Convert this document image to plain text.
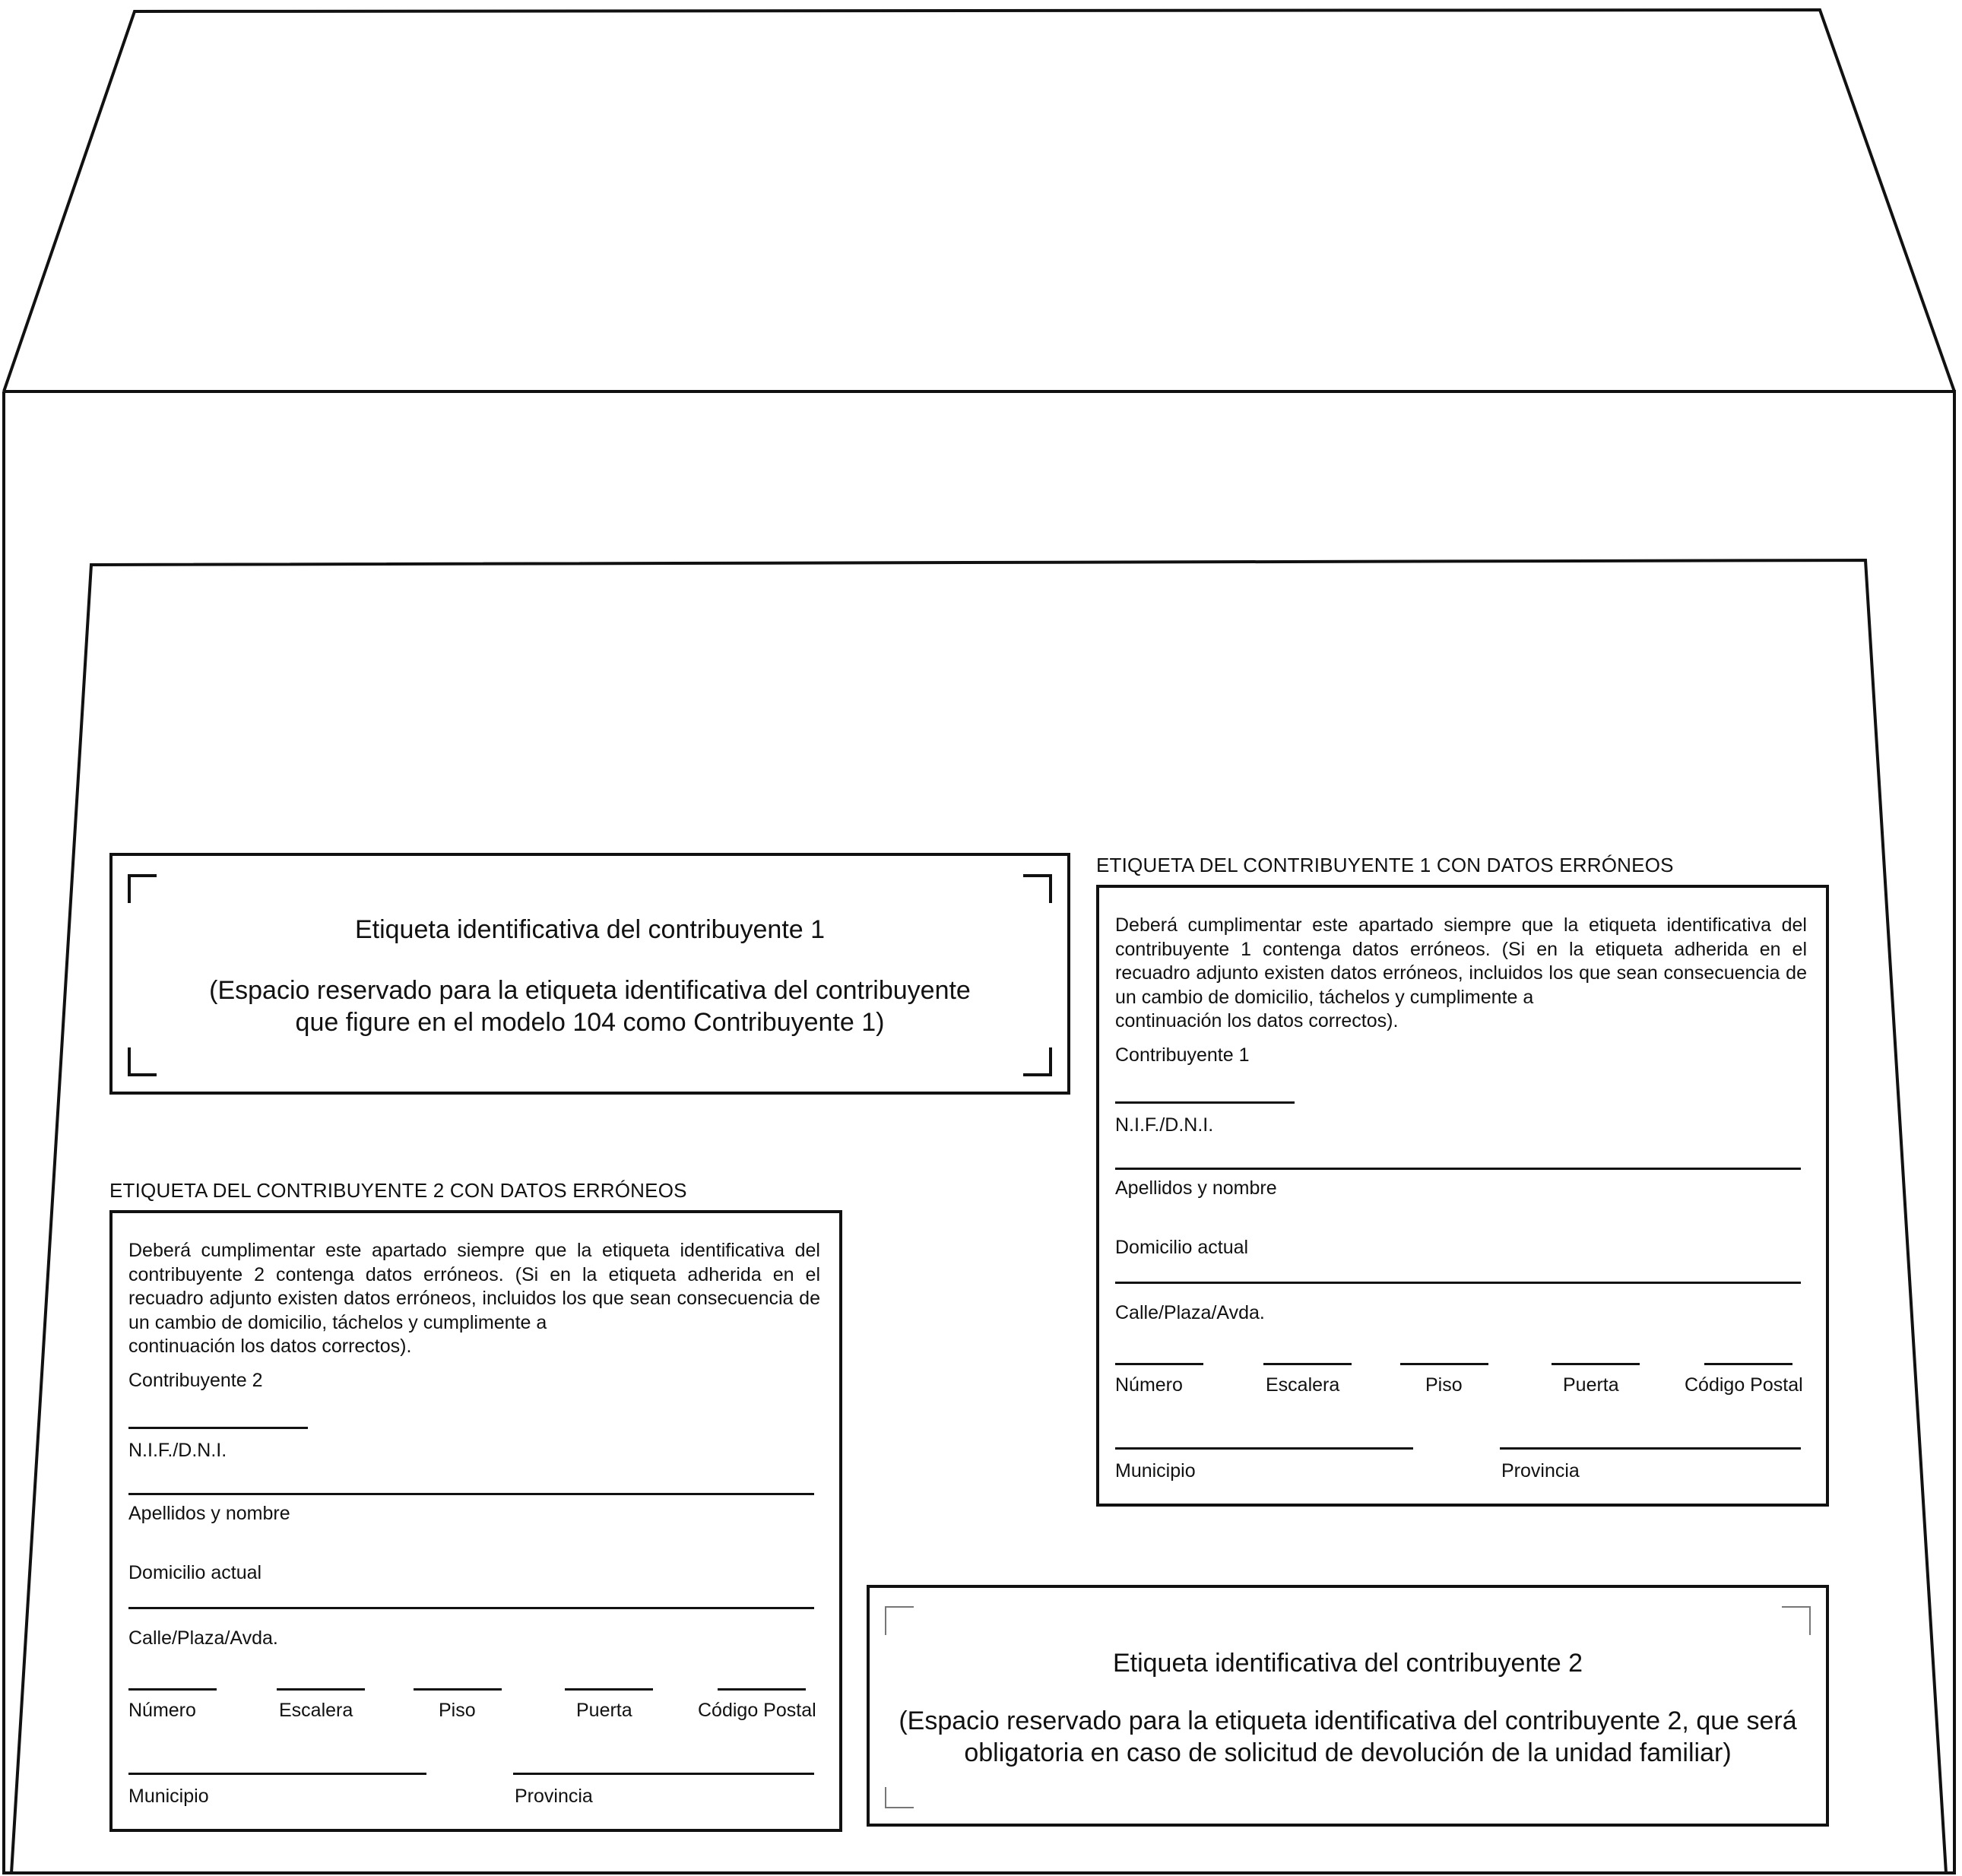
Etiqueta identificativa del contribuyente 1
(Espacio reservado para la etiqueta identificativa del contribuyente
que figure en el modelo 104 como Contribuyente 1)
ETIQUETA DEL CONTRIBUYENTE 1 CON DATOS ERRÓNEOS
Deberá cumplimentar este apartado siempre que la etiqueta identificativa del contribuyente 1 contenga datos erróneos. (Si en la etiqueta adherida en el recuadro adjunto existen datos erróneos, incluidos los que sean consecuencia de un cambio de domicilio, táchelos y cumplimente a
continuación los datos correctos).
Contribuyente 1
N.I.F./D.N.I.
Apellidos y nombre
Domicilio actual
Calle/Plaza/Avda.
Número	Escalera	Piso	Puerta	Código Postal
Municipio	Provincia
ETIQUETA DEL CONTRIBUYENTE 2 CON DATOS ERRÓNEOS
Deberá cumplimentar este apartado siempre que la etiqueta identificativa del contribuyente 2 contenga datos erróneos. (Si en la etiqueta adherida en el recuadro adjunto existen datos erróneos, incluidos los que sean consecuencia de un cambio de domicilio, táchelos y cumplimente a
continuación los datos correctos).
Contribuyente 2
N.I.F./D.N.I.
Apellidos y nombre
Domicilio actual
Calle/Plaza/Avda.
Número	Escalera	Piso	Puerta	Código Postal
Municipio	Provincia
Etiqueta identificativa del contribuyente 2
(Espacio reservado para la etiqueta identificativa del contribuyente 2, que será
obligatoria en caso de solicitud de devolución de la unidad familiar)
